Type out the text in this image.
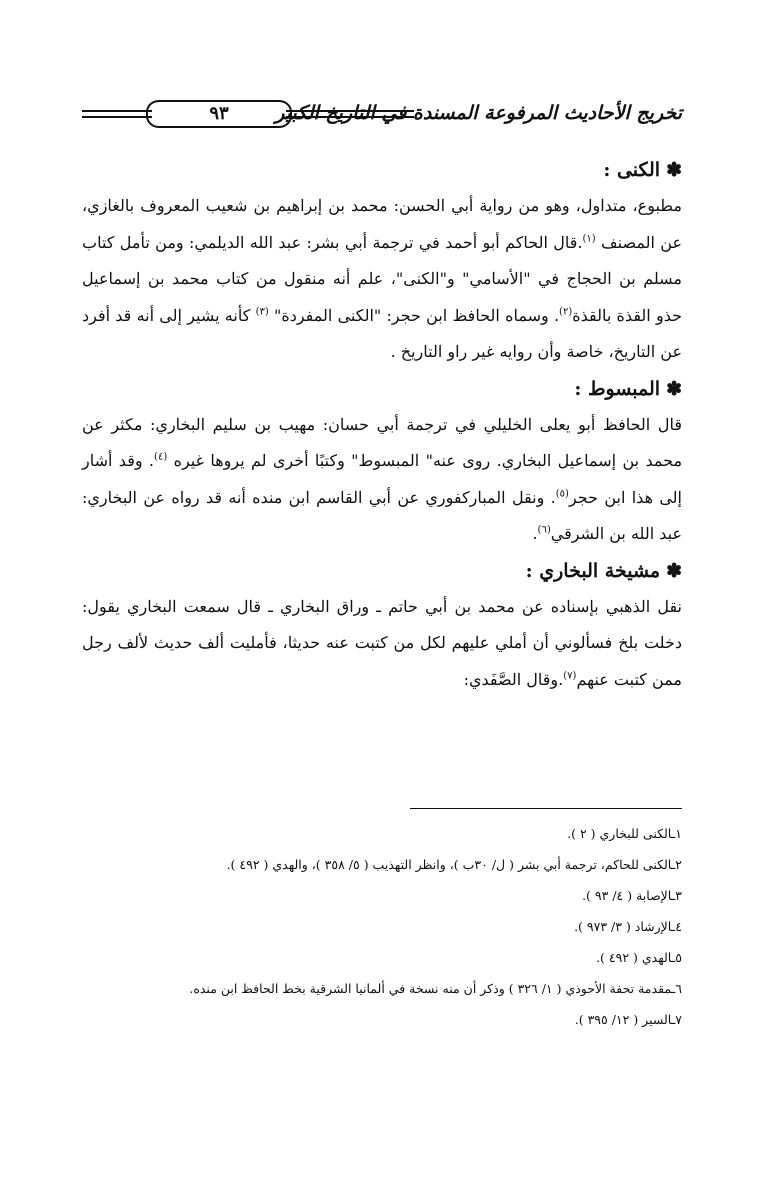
٩٣	تخريج الأحاديث المرفوعة المسندة في التاريخ الكبير
✽الكنى :

مطبوع، متداول، وهو من رواية أبي الحسن: محمد بن إبراهيم بن شعيب المعروف بالغازي، عن المصنف $^{(١)}$.قال الحاكم أبو أحمد في ترجمة أبي بشر: عبد الله الديلمي: ومن تأمل كتاب مسلم بن الحجاج في "الأسامي" و"الكنى"، علم أنه منقول من كتاب محمد بن إسماعيل حذو القذة بالقذة$^{(٢)}$. وسماه الحافظ ابن حجر: "الكنى المفردة" $^{(٣)}$ كأنه يشير إلى أنه قد أفرد عن التاريخ، خاصة وأن روايه غير راو التاريخ .

✽المبسوط :

قال الحافظ أبو يعلى الخليلي في ترجمة أبي حسان: مهيب بن سليم البخاري: مكثر عن محمد بن إسماعيل البخاري. روى عنه" المبسوط" وكتبًا أخرى لم يروها غيره $^{(٤)}$. وقد أشار إلى هذا ابن حجر$^{(٥)}$. ونقل المباركفوري عن أبي القاسم ابن منده أنه قد رواه عن البخاري: عبد الله بن الشرقي$^{(٦)}$.

✽مشيخة البخاري :

نقل الذهبي بإسناده عن محمد بن أبي حاتم ـ وراق البخاري ـ قال سمعت البخاري يقول: دخلت بلخ فسألوني أن أملي عليهم لكل من كتبت عنه حديثا، فأمليت ألف حديث لألف رجل ممن كتبت عنهم$^{(٧)}$.وقال الصَّفَدي:

١ـالكنى للبخاري ( ٢ ).

٢ـالكنى للحاكم، ترجمة أبي بشر ( ل/ ٣٠ب )، وانظر التهذيب ( ٥/ ٣٥٨ )، والهدي ( ٤٩٢ ).

٣ـالإصابة ( ٤/ ٩٣ ).

٤ـالإرشاد ( ٣/ ٩٧٣ ).

٥ـالهدي ( ٤٩٢ ).

٦ـمقدمة تحفة الأحوذي ( ١/ ٣٢٦ ) وذكر أن منه نسخة في ألمانيا الشرقية بخط الحافظ ابن منده.

٧ـالسير ( ١٢/ ٣٩٥ ).
